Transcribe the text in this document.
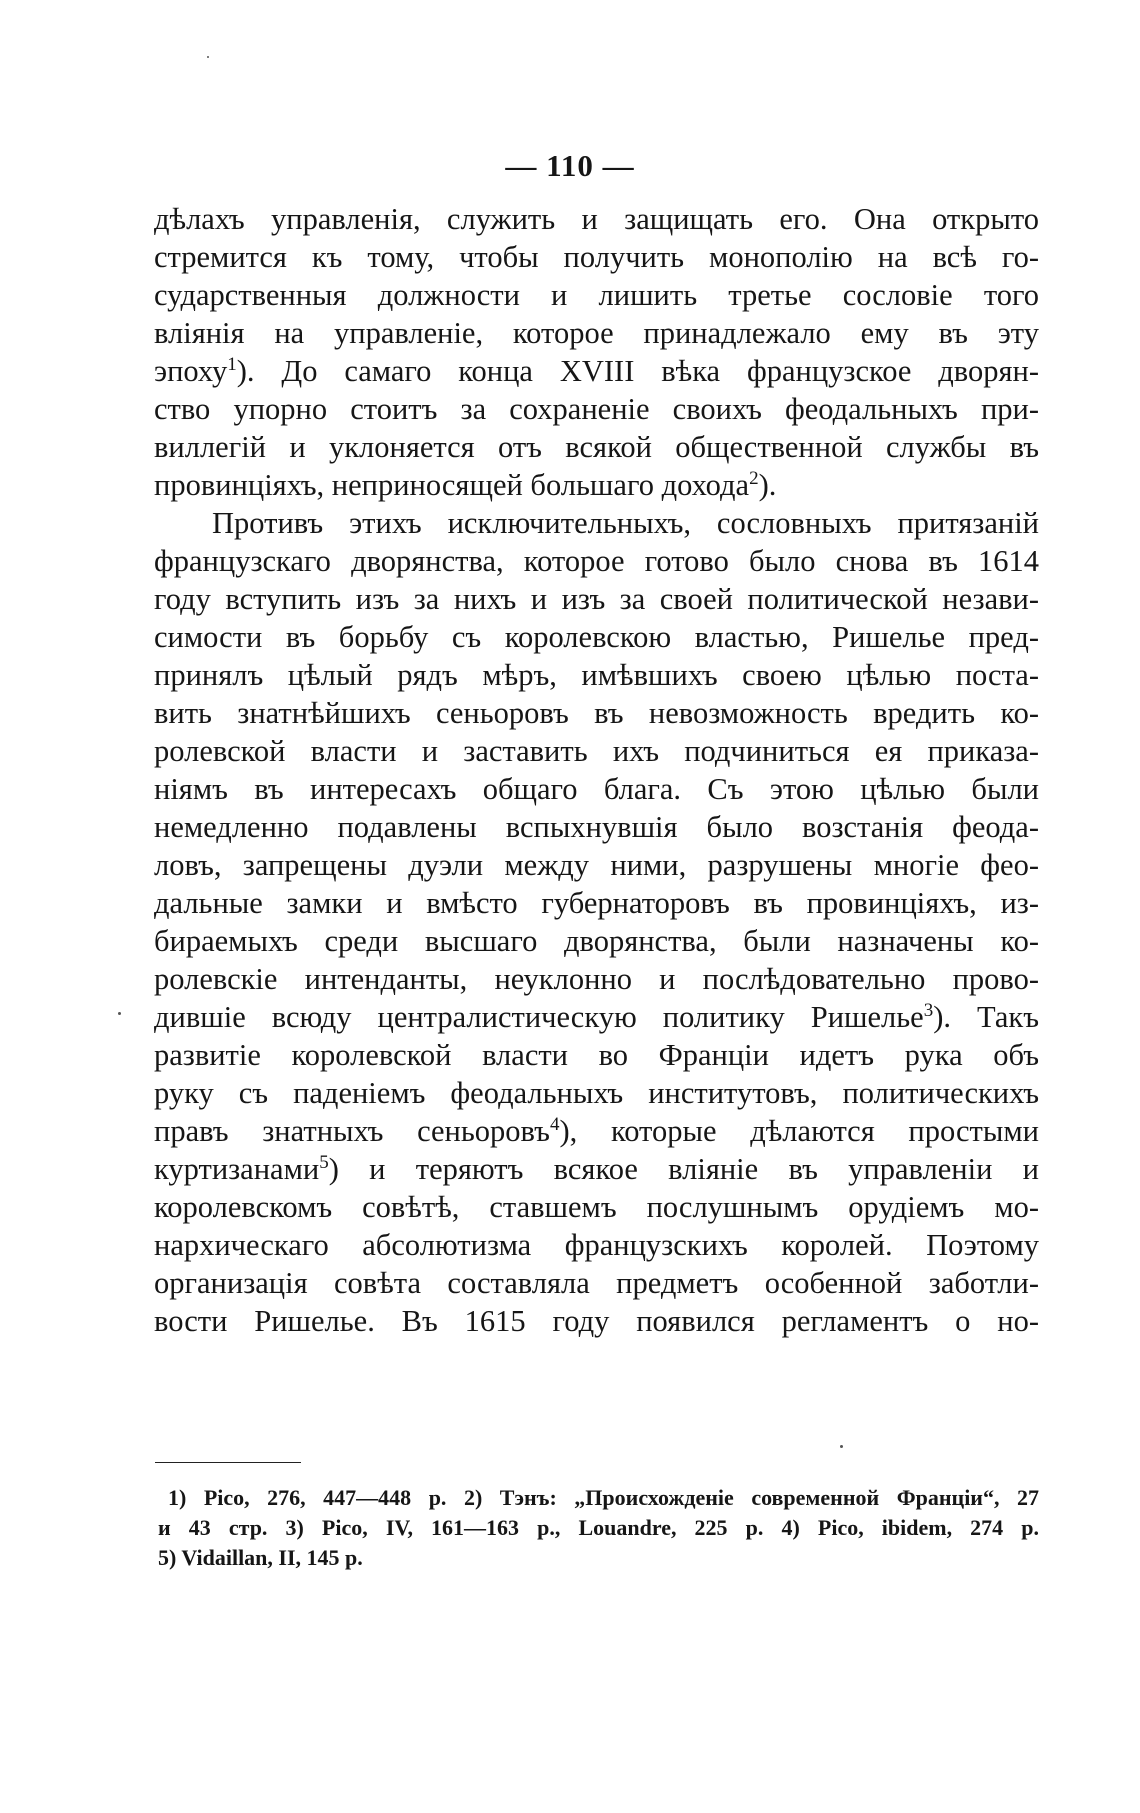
— 110 —
дѣлахъ управленія, служить и защищать его. Она открыто
стремится къ тому, чтобы получить монополію на всѣ го-
сударственныя должности и лишить третье сословіе того
вліянія на управленіе, которое принадлежало ему въ эту
эпоху$^1$). До самаго конца XVIII вѣка французское дворян-
ство упорно стоитъ за сохраненіе своихъ феодальныхъ при-
виллегій и уклоняется отъ всякой общественной службы въ
провинціяхъ, неприносящей большаго дохода$^2$).
Противъ этихъ исключительныхъ, сословныхъ притязаній
французскаго дворянства, которое готово было снова въ 1614
году вступить изъ за нихъ и изъ за своей политической незави-
симости въ борьбу съ королевскою властью, Ришелье пред-
принялъ цѣлый рядъ мѣръ, имѣвшихъ своею цѣлью поста-
вить знатнѣйшихъ сеньоровъ въ невозможность вредить ко-
ролевской власти и заставить ихъ подчиниться ея приказа-
ніямъ въ интересахъ общаго блага. Съ этою цѣлью были
немедленно подавлены вспыхнувшія было возстанія феода-
ловъ, запрещены дуэли между ними, разрушены многіе фео-
дальные замки и вмѣсто губернаторовъ въ провинціяхъ, из-
бираемыхъ среди высшаго дворянства, были назначены ко-
ролевскіе интенданты, неуклонно и послѣдовательно прово-
дившіе всюду централистическую политику Ришелье$^3$). Такъ
развитіе королевской власти во Франціи идетъ рука объ
руку съ паденіемъ феодальныхъ институтовъ, политическихъ
правъ знатныхъ сеньоровъ$^4$), которые дѣлаются простыми
куртизанами$^5$) и теряютъ всякое вліяніе въ управленіи и
королевскомъ совѣтѣ, ставшемъ послушнымъ орудіемъ мо-
нархическаго абсолютизма французскихъ королей. Поэтому
организація совѣта составляла предметъ особенной заботли-
вости Ришелье. Въ 1615 году появился регламентъ о но-
1) Pico, 276, 447—448 p. 2) Тэнъ: „Происхожденіе современной Франціи“, 27
и 43 стр. 3) Pico, IV, 161—163 p., Louandre, 225 p. 4) Pico, ibidem, 274 p.
5) Vidaillan, II, 145 p.
